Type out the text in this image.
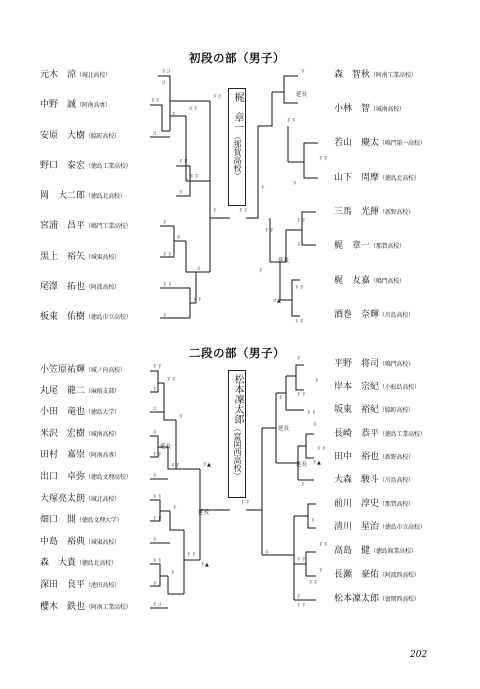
初段の部（男子）
梶　章一
（那賀高校）
元木　涼（城北高校）
中野　誠（阿南高専）
安原　大樹（脇町高校）
野口　泰宏（徳島工業高校）
岡　大二郎（徳島北高校）
宮浦　昌平（鳴門工業高校）
黒上　裕矢（城東高校）
尾澤　拓也（阿波高校）
板東　佑樹（徳島市立高校）
森　智秋（阿南工業高校）
小林　智（城南高校）
若山　慶太（鳴門第一高校）
山下　周摩（徳島北高校）
三馬　光揮（新野高校）
梶　章一（那賀高校）
梶　友嘉（鳴門高校）
酒巻　奈輝（川島高校）
延長
延長
ドコ
コ
ドド
ド
コ
コド
ドド
ド
ドド
コ
ドコ
ド
ド
ドド
ド
ドド
ド
ドド
コ
ド
ドド
ドド
ド
ド
ドド
ドド
ド
ドド
ド
ドド
コ▲
ドド
二段の部（男子）
松本凜太郎
（富岡西高校）
小笠原祐輝（城ノ内高校）
丸尾　龍二（麻植支部）
小田　竜也（徳島大学）
米沢　宏樹（城南高校）
田村　嘉崇（阿南高専）
出口　卓弥（徳島文理高校）
大塚亮太朗（城北高校）
畑口　開（徳島文理大学）
中島　裕典（城東高校）
森　大貴（徳島北高校）
深田　良平（池田高校）
櫻木　鉄也（阿南工業高校）
平野　将司（鳴門高校）
岸本　宗紀（小松島高校）
坂東　裕紀（脇町高校）
長崎　恭平（徳島工業高校）
田中　裕也（新野高校）
大森　駿斗（川島高校）
前川　淳史（那賀高校）
清川　星治（徳島市立高校）
高島　健（徳島商業高校）
長瀬　豪佑（阿波西高校）
松本凜太郎（富岡西高校）
延長
延長
延長
延長
ドド
ド
ドド
コ
ド
ドド
ド
ドド
ド
ド▲
ドド
ドド
ド
ド
ドド
ド
ドコ
ド
ドド
ド▲
ド
ドド
ド
ドド
ド
ド
ドド
ド▲
ド
ドド
ド
ド
ドド
ドド
ド
ドド
ド
ドド
202
